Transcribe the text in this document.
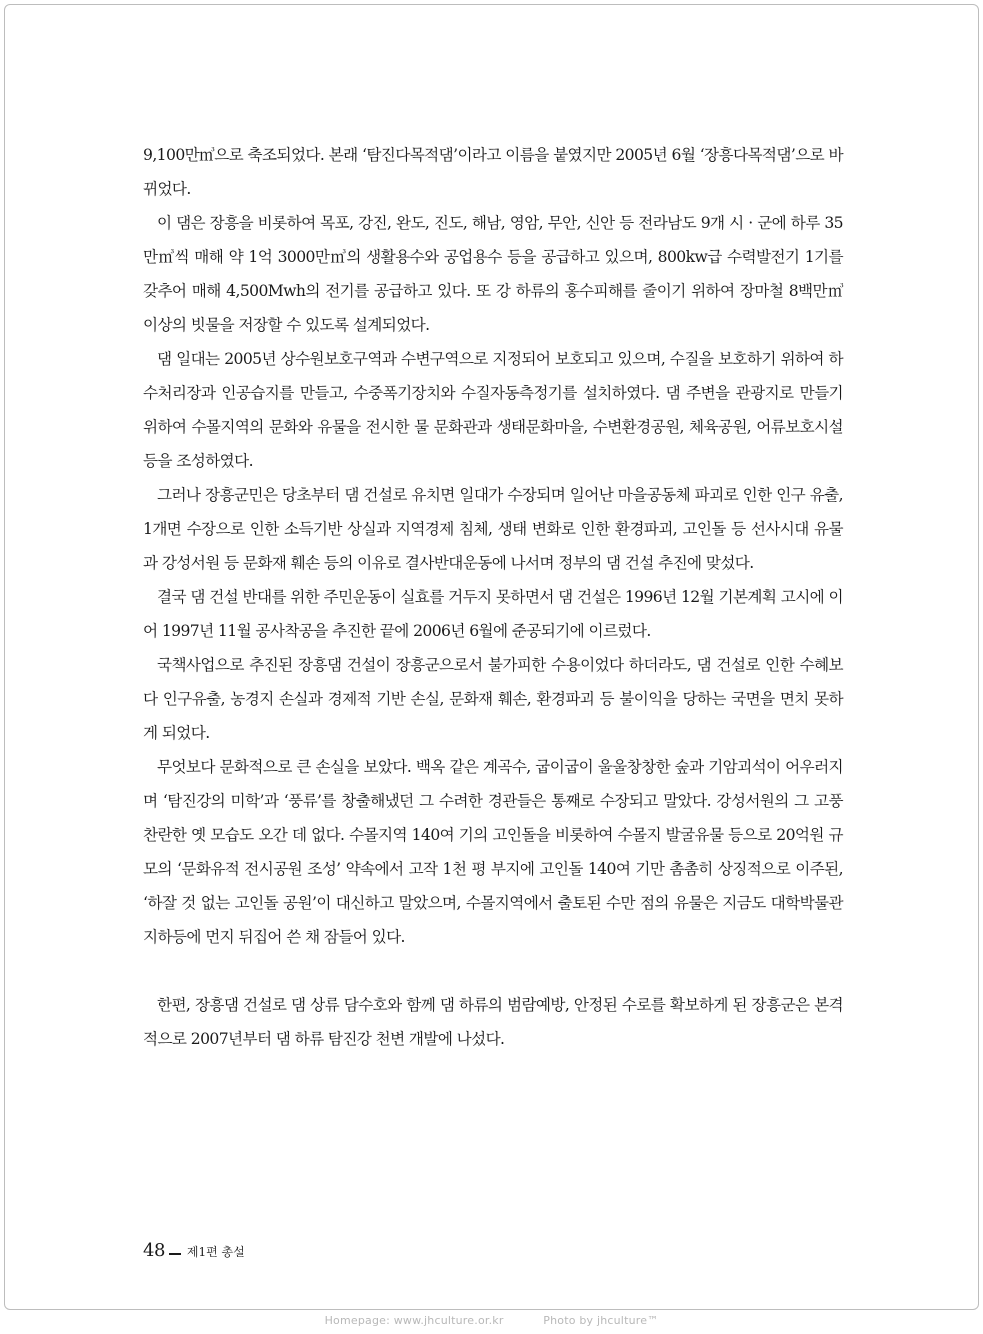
9,100만㎥으로 축조되었다. 본래 ‘탐진다목적댐’이라고 이름을 붙였지만 2005년 6월 ‘장흥다목적댐’으로 바뀌었다.

이 댐은 장흥을 비롯하여 목포, 강진, 완도, 진도, 해남, 영암, 무안, 신안 등 전라남도 9개 시 · 군에 하루 35만㎥씩 매해 약 1억 3000만㎥의 생활용수와 공업용수 등을 공급하고 있으며, 800kw급 수력발전기 1기를 갖추어 매해 4,500Mwh의 전기를 공급하고 있다. 또 강 하류의 홍수피해를 줄이기 위하여 장마철 8백만㎥ 이상의 빗물을 저장할 수 있도록 설계되었다.

댐 일대는 2005년 상수원보호구역과 수변구역으로 지정되어 보호되고 있으며, 수질을 보호하기 위하여 하수처리장과 인공습지를 만들고, 수중폭기장치와 수질자동측정기를 설치하였다. 댐 주변을 관광지로 만들기 위하여 수몰지역의 문화와 유물을 전시한 물 문화관과 생태문화마을, 수변환경공원, 체육공원, 어류보호시설 등을 조성하였다.

그러나 장흥군민은 당초부터 댐 건설로 유치면 일대가 수장되며 일어난 마을공동체 파괴로 인한 인구 유출, 1개면 수장으로 인한 소득기반 상실과 지역경제 침체, 생태 변화로 인한 환경파괴, 고인돌 등 선사시대 유물과 강성서원 등 문화재 훼손 등의 이유로 결사반대운동에 나서며 정부의 댐 건설 추진에 맞섰다.

결국 댐 건설 반대를 위한 주민운동이 실효를 거두지 못하면서 댐 건설은 1996년 12월 기본계획 고시에 이어 1997년 11월 공사착공을 추진한 끝에 2006년 6월에 준공되기에 이르렀다.

국책사업으로 추진된 장흥댐 건설이 장흥군으로서 불가피한 수용이었다 하더라도, 댐 건설로 인한 수혜보다 인구유출, 농경지 손실과 경제적 기반 손실, 문화재 훼손, 환경파괴 등 불이익을 당하는 국면을 면치 못하게 되었다.

무엇보다 문화적으로 큰 손실을 보았다. 백옥 같은 계곡수, 굽이굽이 울울창창한 숲과 기암괴석이 어우러지며 ‘탐진강의 미학’과 ‘풍류’를 창출해냈던 그 수려한 경관들은 통째로 수장되고 말았다. 강성서원의 그 고풍 찬란한 옛 모습도 오간 데 없다. 수몰지역 140여 기의 고인돌을 비롯하여 수몰지 발굴유물 등으로 20억원 규모의 ‘문화유적 전시공원 조성’ 약속에서 고작 1천 평 부지에 고인돌 140여 기만 촘촘히 상징적으로 이주된, ‘하잘 것 없는 고인돌 공원’이 대신하고 말았으며, 수몰지역에서 출토된 수만 점의 유물은 지금도 대학박물관 지하등에 먼지 뒤집어 쓴 채 잠들어 있다.

한편, 장흥댐 건설로 댐 상류 담수호와 함께 댐 하류의 범람예방, 안정된 수로를 확보하게 된 장흥군은 본격적으로 2007년부터 댐 하류 탐진강 천변 개발에 나섰다.

48 제1편 총설
Homepage: www.jhculture.or.kr	Photo by jhculture™
